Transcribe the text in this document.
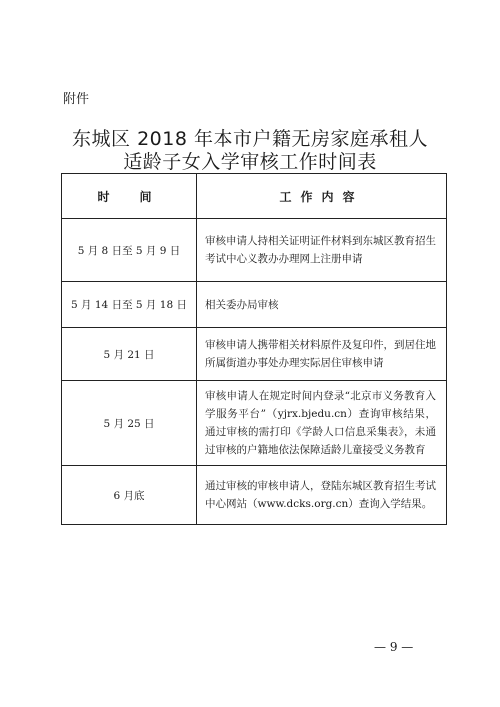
附件
东城区 2018 年本市户籍无房家庭承租人
适龄子女入学审核工作时间表
时　间	工作内容
5 月 8 日至 5 月 9 日	审核申请人持相关证明证件材料到东城区教育招生考试中心义教办办理网上注册申请
5 月 14 日至 5 月 18 日	相关委办局审核
5 月 21 日	审核申请人携带相关材料原件及复印件，到居住地所属街道办事处办理实际居住审核申请
5 月 25 日	审核申请人在规定时间内登录“北京市义务教育入学服务平台”（yjrx.bjedu.cn）查询审核结果，通过审核的需打印《学龄人口信息采集表》，未通过审核的户籍地依法保障适龄儿童接受义务教育
6 月底	通过审核的审核申请人，登陆东城区教育招生考试中心网站（www.dcks.org.cn）查询入学结果。
— 9 —
